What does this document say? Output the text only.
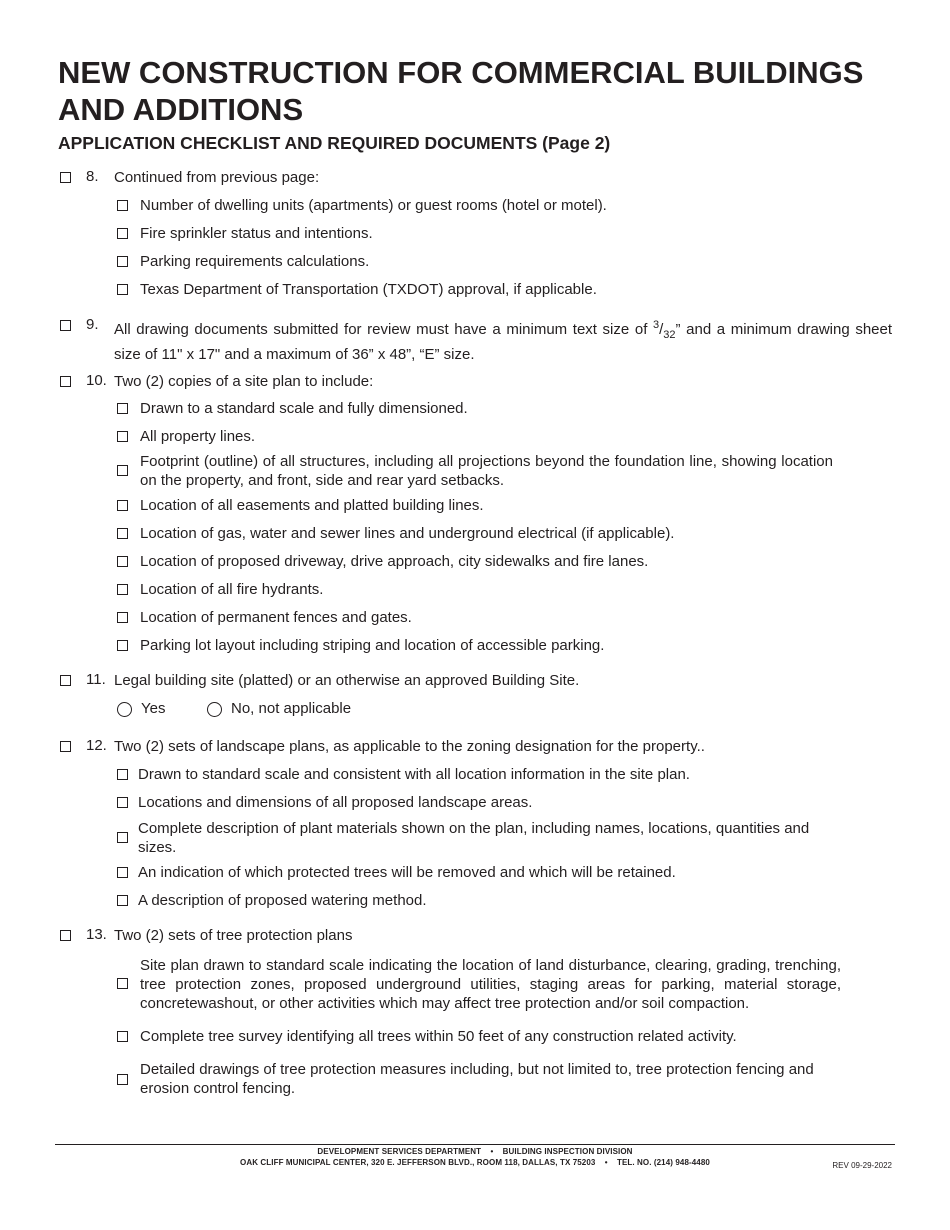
NEW CONSTRUCTION FOR COMMERCIAL BUILDINGS AND ADDITIONS
APPLICATION CHECKLIST AND REQUIRED DOCUMENTS (Page 2)
8. Continued from previous page:
Number of dwelling units (apartments) or guest rooms (hotel or motel).
Fire sprinkler status and intentions.
Parking requirements calculations.
Texas Department of Transportation (TXDOT) approval, if applicable.
9. All drawing documents submitted for review must have a minimum text size of $^3/_{32}$” and a minimum drawing sheet size of 11" x 17" and a maximum of 36” x 48”, “E” size.
10. Two (2) copies of a site plan to include:
Drawn to a standard scale and fully dimensioned.
All property lines.
Footprint (outline) of all structures, including all projections beyond the foundation line, showing location on the property, and front, side and rear yard setbacks.
Location of all easements and platted building lines.
Location of gas, water and sewer lines and underground electrical (if applicable).
Location of proposed driveway, drive approach, city sidewalks and fire lanes.
Location of all fire hydrants.
Location of permanent fences and gates.
Parking lot layout including striping and location of accessible parking.
11. Legal building site (platted) or an otherwise an approved Building Site.
Yes	No, not applicable
12. Two (2) sets of landscape plans, as applicable to the zoning designation for the property..
Drawn to standard scale and consistent with all location information in the site plan.
Locations and dimensions of all proposed landscape areas.
Complete description of plant materials shown on the plan, including names, locations, quantities and sizes.
An indication of which protected trees will be removed and which will be retained.
A description of proposed watering method.
13. Two (2) sets of tree protection plans
Site plan drawn to standard scale indicating the location of land disturbance, clearing, grading, trenching, tree protection zones, proposed underground utilities, staging areas for parking, material storage, concretewashout, or other activities which may affect tree protection and/or soil compaction.
Complete tree survey identifying all trees within 50 feet of any construction related activity.
Detailed drawings of tree protection measures including, but not limited to, tree protection fencing and erosion control fencing.
DEVELOPMENT SERVICES DEPARTMENT • BUILDING INSPECTION DIVISION
OAK CLIFF MUNICIPAL CENTER, 320 E. JEFFERSON BLVD., ROOM 118, DALLAS, TX 75203 • TEL. NO. (214) 948-4480	REV 09-29-2022
